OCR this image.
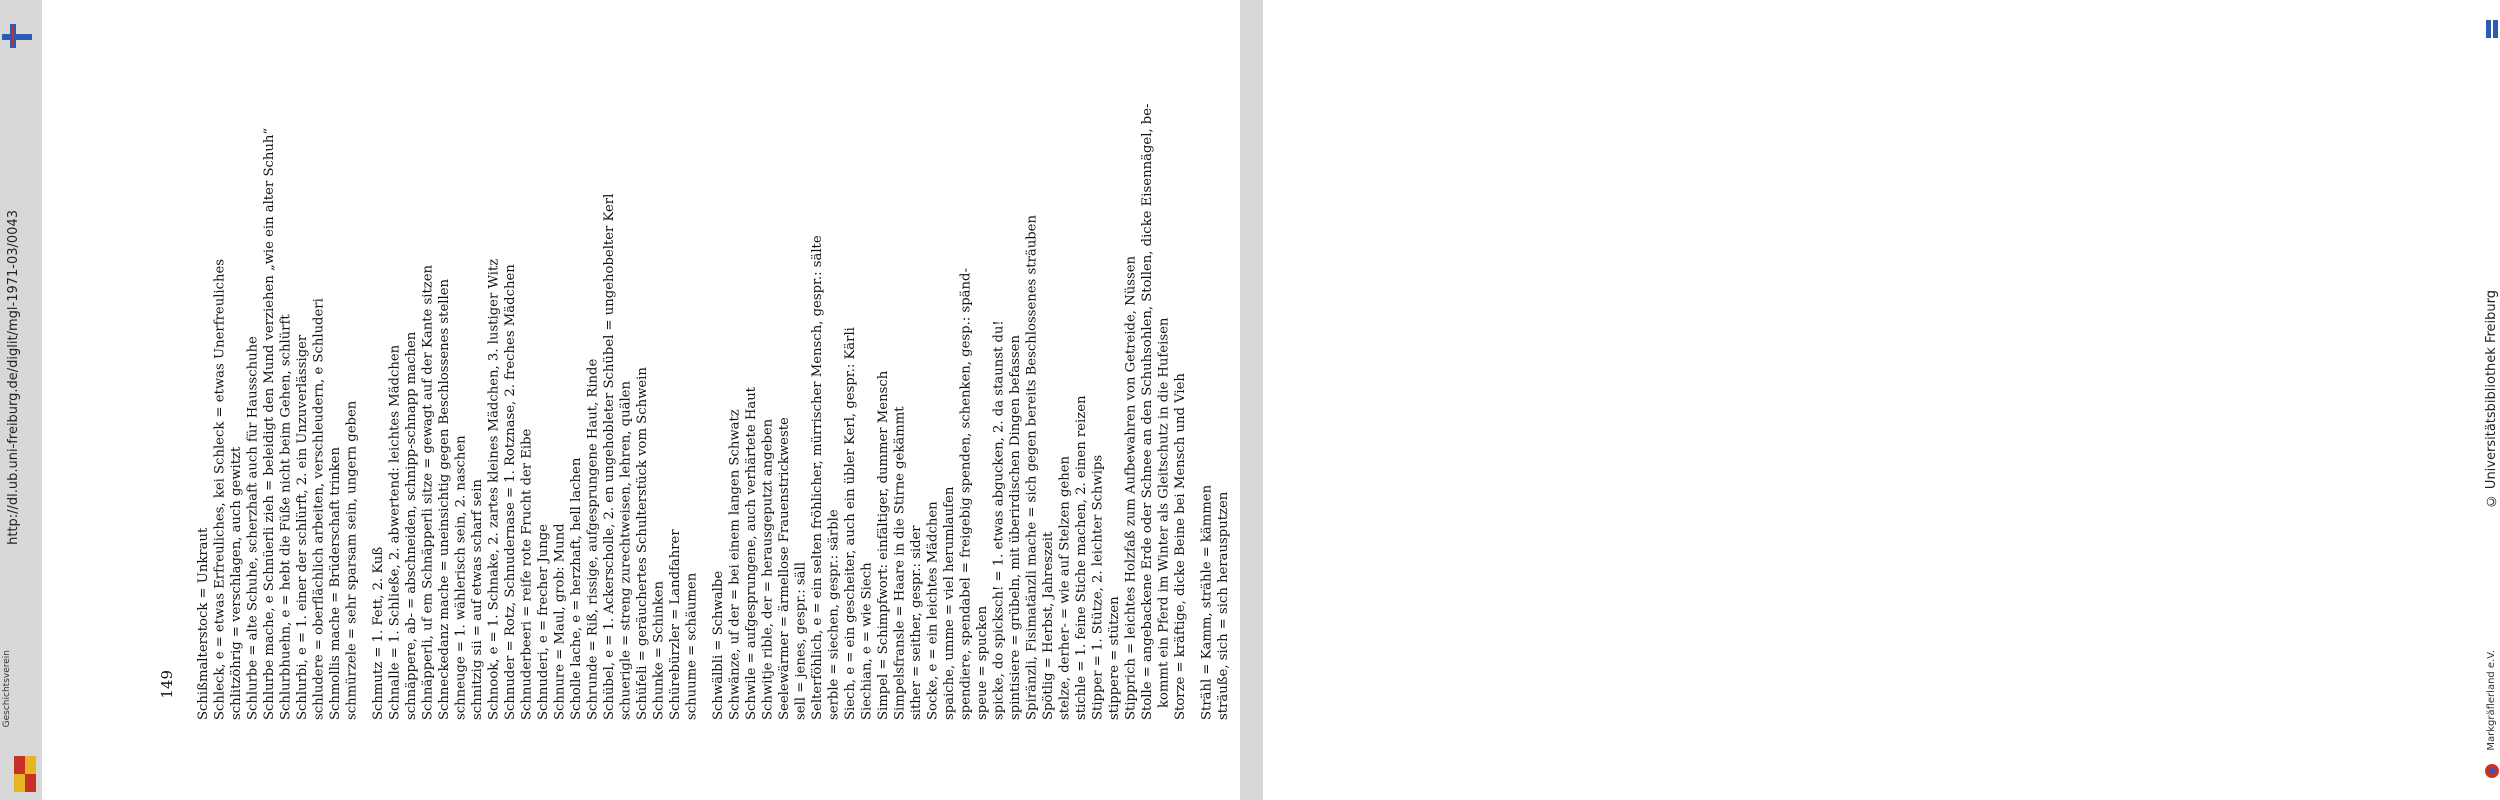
http://dl.ub.uni-freiburg.de/diglit/mgl-1971-03/0043
Geschichtsverein
© Universitätsbibliothek Freiburg
Markgräflerland e.V.
Schißmalterstock = Unkraut Schleck, e = etwas Erfreuliches, kei Schleck = etwas Unerfreuliches schlitzöhrig = verschlagen, auch gewitzt Schlurbe = alte Schuhe, scherzhaft auch für Hausschuhe Schlurbe mache, e Schnüerli zieh = beleidigt den Mund verziehen „wie ein alter Schuh“ Schlurbhuehn, e = hebt die Füße nicht beim Gehen, schlürft Schlurbi, e = 1. einer der schlürft, 2. ein Unzuverlässiger schludere = oberflächlich arbeiten, verschleudern, e Schluderi Schmollis mache = Brüderschaft trinken schmürzele = sehr sparsam sein, ungern geben Schmutz = 1. Fett, 2. Kuß Schnalle = 1. Schließe, 2. abwertend: leichtes Mädchen schnäppere, ab- = abschneiden, schnipp-schnapp machen Schnäpperli, uf em Schnäpperli sitze = gewagt auf der Kante sitzen Schneckedanz mache = uneinsichtig gegen Beschlossenes stellen schneuge = 1. wählerisch sein, 2. naschen schnitzig sii = auf etwas scharf sein Schnook, e = 1. Schnake, 2. zartes kleines Mädchen, 3. lustiger Witz Schnuder = Rotz, Schnudernase = 1. Rotznase, 2. freches Mädchen Schnuderbeeri = reife rote Frucht der Eibe Schnuderi, e = frecher Junge Schnure = Maul, grob: Mund Scholle lache, e = herzhaft, hell lachen Schrunde = Riß, rissige, aufgesprungene Haut, Rinde Schübel, e = 1. Ackerscholle, 2. en ungehobleter Schübel = ungehobelter Kerl schuerigle = streng zurechtweisen, lehren, quälen Schüfeli = geräuchertes Schulterstück vom Schwein Schunke = Schinken Schürebürzler = Landfahrer schuume = schäumen Schwälbli = Schwalbe Schwänze, uf der = bei einem langen Schwatz Schwile = aufgesprungene, auch verhärtete Haut Schwitje rible, der = herausgeputzt angeben Seelewärmer = ärmellose Frauenstrickweste sell = jenes, gespr.: säll Selterföhlich, e = ein selten fröhlicher, mürrischer Mensch, gespr.: sälte serble = siechen, gespr.: särble Siech, e = ein gescheiter, auch ein übler Kerl, gespr.: Kärli Siechian, e = wie Siech Simpel = Schimpfwort: einfältiger, dummer Mensch Simpelsfransle = Haare in die Stirne gekämmt sither = seither, gespr.: sider Socke, e = ein leichtes Mädchen spaiche, umme = viel herumlaufen spendiere, spendabel = freigebig spenden, schenken, gesp.: spänd- speue = spucken spicke, do spicksch! = 1. etwas abgucken, 2. da staunst du! spintisiere = grübeln, mit überirdischen Dingen befassen Spiränzli, Fisimatänzli mache = sich gegen bereits Beschlossenes sträuben Spötlig = Herbst, Jahreszeit stelze, derher- = wie auf Stelzen gehen stichle = 1. feine Stiche machen, 2. einen reizen Stipper = 1. Stütze, 2. leichter Schwips stippere = stützen Stipprich = leichtes Holzfaß zum Aufbewahren von Getreide, Nüssen Stolle = angebackene Erde oder Schnee an den Schuhsohlen, Stollen, dicke Eisennägel, be- kommt ein Pferd im Winter als Gleitschutz in die Hufeisen Storze = kräftige, dicke Beine bei Mensch und Vieh Strähl = Kamm, strähle = kämmen sträuße, sich = sich herausputzen
149
